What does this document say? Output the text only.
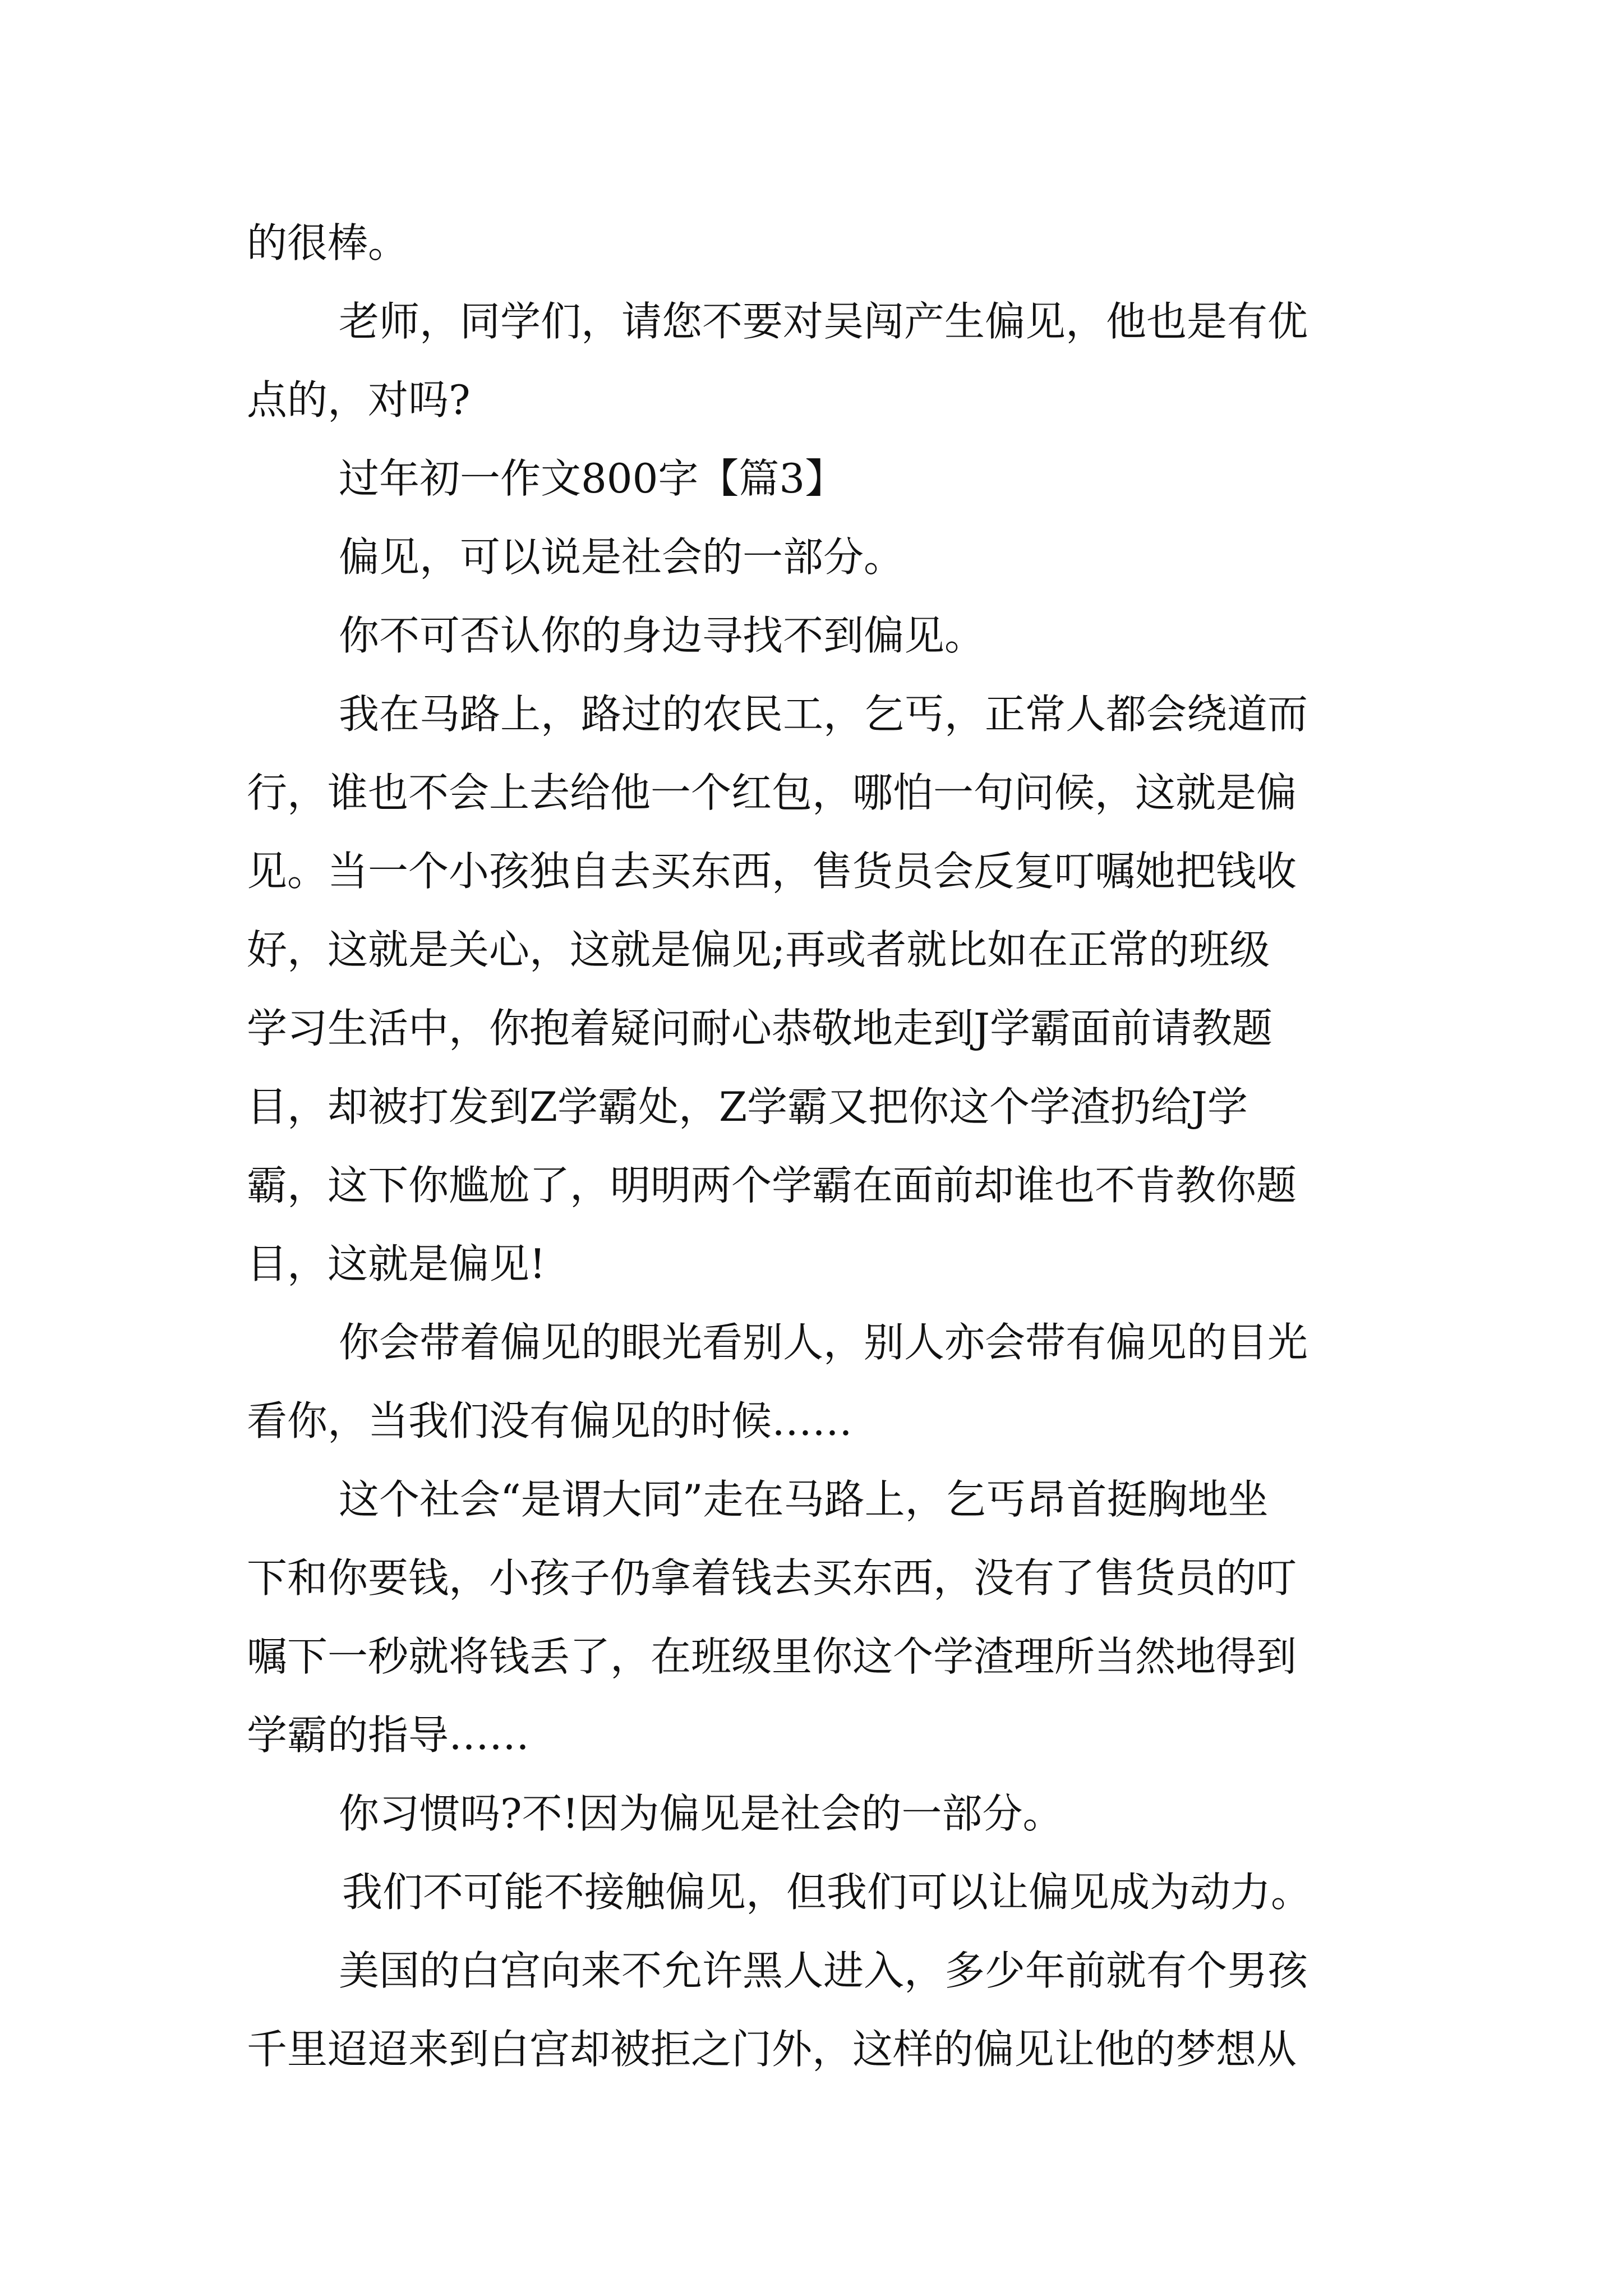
的很棒。
老师，同学们，请您不要对吴闯产生偏见，他也是有优
点的，对吗?
过年初一作文800字【篇3】
偏见，可以说是社会的一部分。
你不可否认你的身边寻找不到偏见。
我在马路上，路过的农民工，乞丐，正常人都会绕道而
行，谁也不会上去给他一个红包，哪怕一句问候，这就是偏
见。当一个小孩独自去买东西，售货员会反复叮嘱她把钱收
好，这就是关心，这就是偏见;再或者就比如在正常的班级
学习生活中，你抱着疑问耐心恭敬地走到J学霸面前请教题
目，却被打发到Z学霸处，Z学霸又把你这个学渣扔给J学
霸，这下你尴尬了，明明两个学霸在面前却谁也不肯教你题
目，这就是偏见!
你会带着偏见的眼光看别人，别人亦会带有偏见的目光
看你，当我们没有偏见的时候……
这个社会“是谓大同”走在马路上，乞丐昂首挺胸地坐
下和你要钱，小孩子仍拿着钱去买东西，没有了售货员的叮
嘱下一秒就将钱丢了，在班级里你这个学渣理所当然地得到
学霸的指导……
你习惯吗?不!因为偏见是社会的一部分。
我们不可能不接触偏见，但我们可以让偏见成为动力。
美国的白宫向来不允许黑人进入，多少年前就有个男孩
千里迢迢来到白宫却被拒之门外，这样的偏见让他的梦想从
